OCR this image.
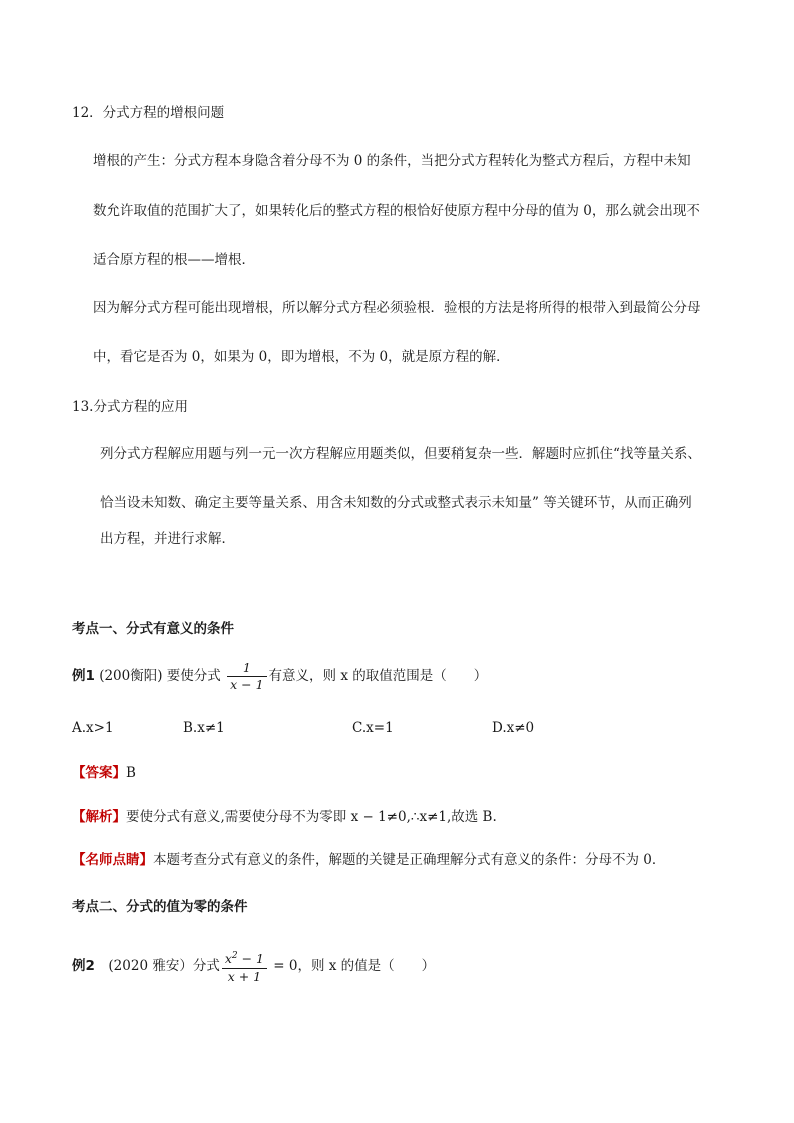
12．分式方程的增根问题
增根的产生：分式方程本身隐含着分母不为 0 的条件，当把分式方程转化为整式方程后，方程中未知
数允许取值的范围扩大了，如果转化后的整式方程的根恰好使原方程中分母的值为 0，那么就会出现不
适合原方程的根——增根．
因为解分式方程可能出现增根，所以解分式方程必须验根．验根的方法是将所得的根带入到最简公分母
中，看它是否为 0，如果为 0，即为增根，不为 0，就是原方程的解．
13.分式方程的应用
列分式方程解应用题与列一元一次方程解应用题类似，但要稍复杂一些．解题时应抓住“找等量关系、
恰当设未知数、确定主要等量关系、用含未知数的分式或整式表示未知量” 等关键环节，从而正确列
出方程，并进行求解．
考点一、分式有意义的条件
例1 (200衡阳) 要使分式 $\frac{1}{x - 1}$ 有意义，则 x 的取值范围是（　　）
A.x>1	B.x≠1	C.x=1	D.x≠0
【答案】B
【解析】要使分式有意义,需要使分母不为零即 x − 1≠0,∴x≠1,故选 B.
【名师点睛】本题考查分式有意义的条件，解题的关键是正确理解分式有意义的条件：分母不为 0．
考点二、分式的值为零的条件
例2　(2020 雅安）分式 $\frac{x^2 - 1}{x + 1} = 0$，则 x 的值是（　　）
